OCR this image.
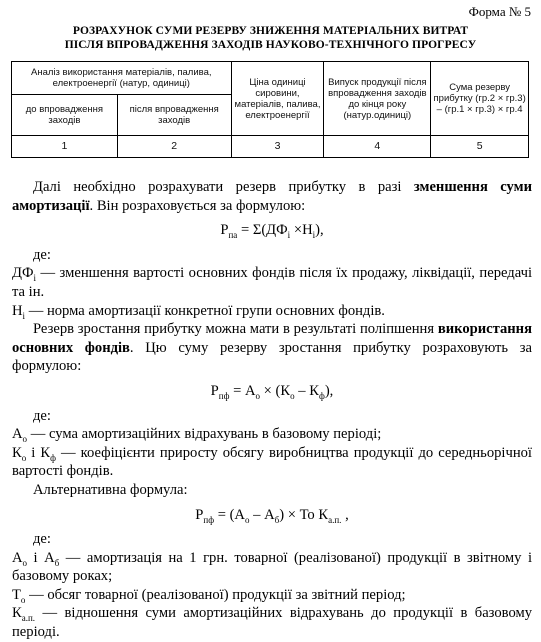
Форма № 5
РОЗРАХУНОК СУМИ РЕЗЕРВУ ЗНИЖЕННЯ МАТЕРІАЛЬНИХ ВИТРАТ
ПІСЛЯ ВПРОВАДЖЕННЯ ЗАХОДІВ НАУКОВО-ТЕХНІЧНОГО ПРОГРЕСУ
Аналіз використання матеріалів, палива, електроенергії (натур, одиниці)		Ціна одиниці сировини, матеріалів, палива, електроенергії	Випуск продукції після впровадження заходів до кінця року (натур.одиниці)	Сума резерву прибутку (гр.2 × гр.3) – (гр.1 × гр.3) × гр.4
до впровадження заходів	після впровадження заходів			
1	2	3	4	5

Далі необхідно розрахувати резерв прибутку в разі зменшення суми амортизації. Він розраховується за формулою:

$Р_{па} = \Sigma(ДФ_і \times Н_і)$,

де:

$ДФ_і$ — зменшення вартості основних фондів після їх продажу, ліквідації, передачі та ін.

$Н_і$ — норма амортизації конкретної групи основних фондів.

Резерв зростання прибутку можна мати в результаті поліпшення використання основних фондів. Цю суму резерву зростання прибутку розраховують за формулою:

$Р_{пф} = А_о \times (К_о - К_ф)$,

де:

$А_о$ — сума амортизаційних відрахувань в базовому періоді;

$К_о$ і $К_ф$ — коефіцієнти приросту обсягу виробництва продукції до середньорічної вартості фондів.

Альтернативна формула:

$Р_{пф} = (А_о - А_б)$ × То $К_{а.п.}$ ,

де:

$А_о$ і $А_б$ — амортизація на 1 грн. товарної (реалізованої) продукції в звітному і базовому роках;

$Т_о$ — обсяг товарної (реалізованої) продукції за звітний період;

$К_{а.п.}$ — відношення суми амортизаційних відрахувань до продукції в базовому періоді.
